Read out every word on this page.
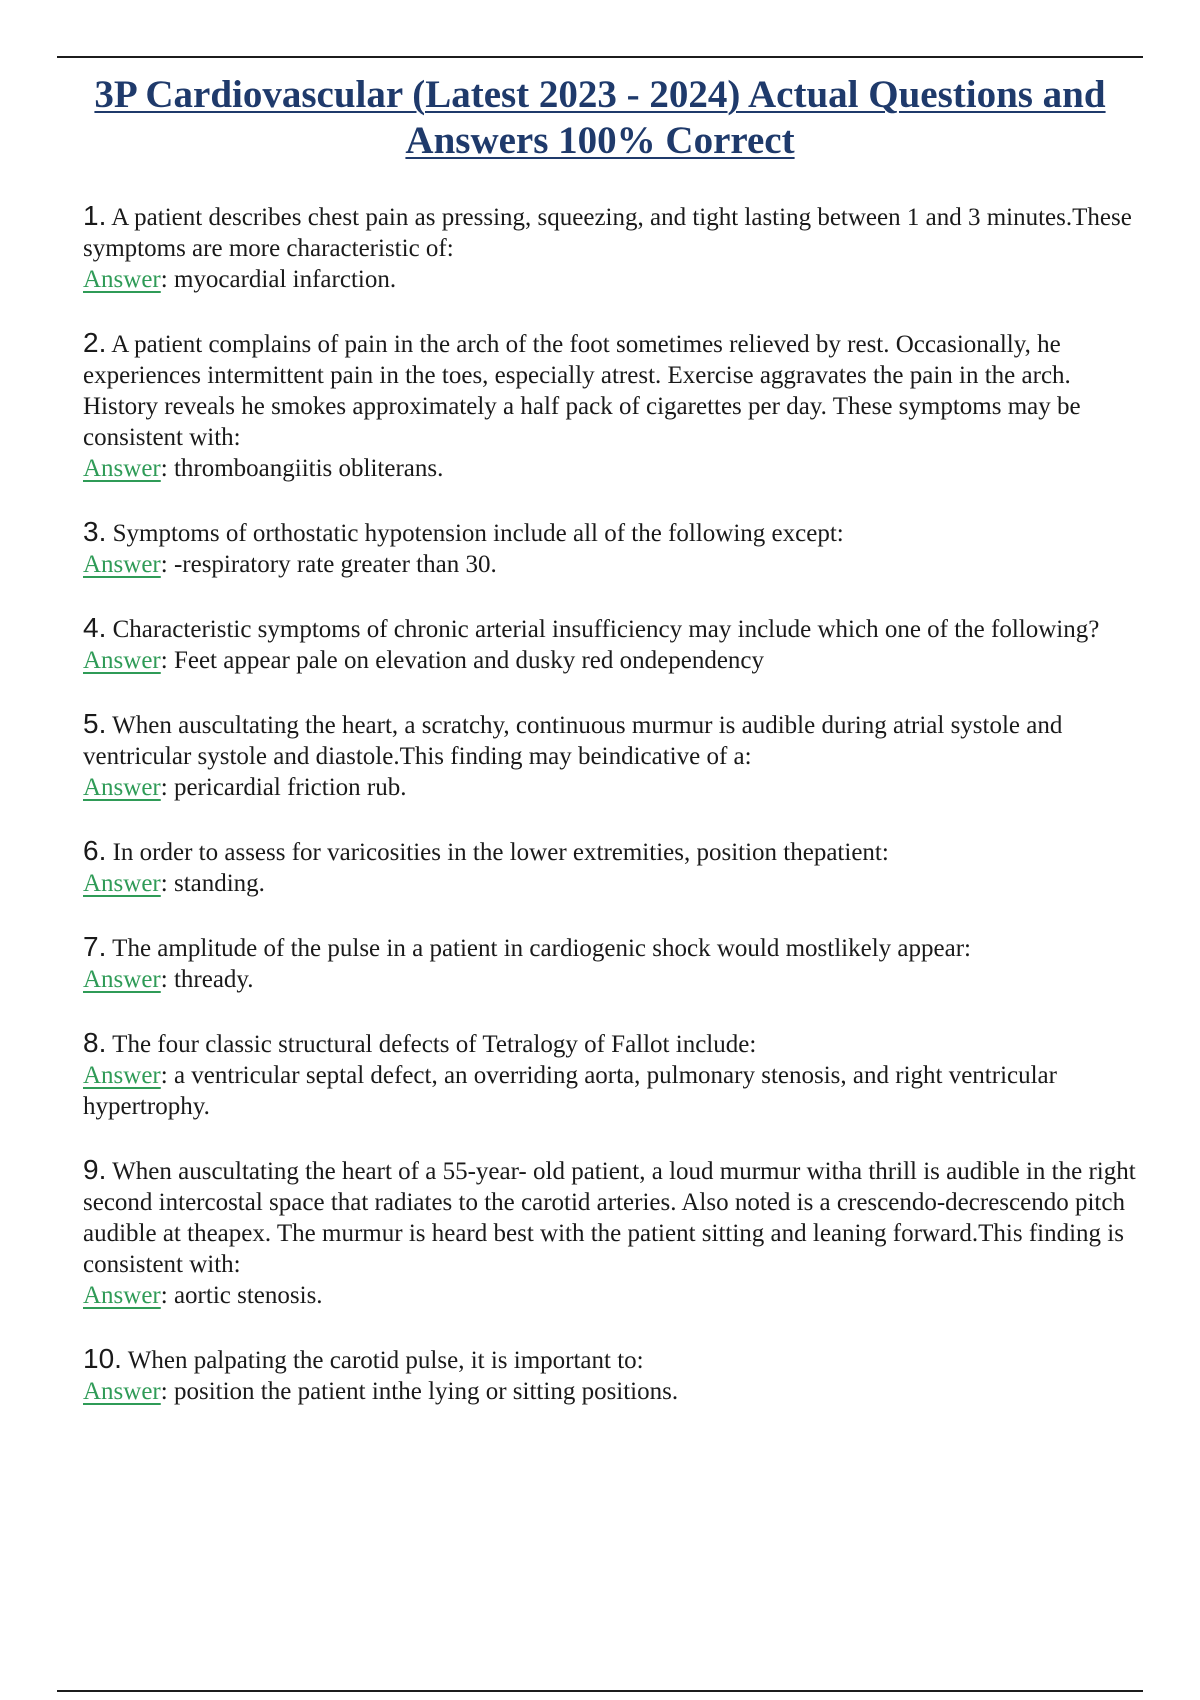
3P Cardiovascular (Latest 2023 - 2024) Actual Questions and
Answers 100% Correct
1. A patient describes chest pain as pressing, squeezing, and tight lasting between 1 and 3 minutes.These symptoms are more characteristic of:
Answer: myocardial infarction.
2. A patient complains of pain in the arch of the foot sometimes relieved by rest. Occasionally, he experiences intermittent pain in the toes, especially atrest. Exercise aggravates the pain in the arch. History reveals he smokes approximately a half pack of cigarettes per day. These symptoms may be consistent with:
Answer: thromboangiitis obliterans.
3. Symptoms of orthostatic hypotension include all of the following except:
Answer: -respiratory rate greater than 30.
4. Characteristic symptoms of chronic arterial insufficiency may include which one of the following?
Answer: Feet appear pale on elevation and dusky red ondependency
5. When auscultating the heart, a scratchy, continuous murmur is audible during atrial systole and ventricular systole and diastole.This finding may beindicative of a:
Answer: pericardial friction rub.
6. In order to assess for varicosities in the lower extremities, position thepatient:
Answer: standing.
7. The amplitude of the pulse in a patient in cardiogenic shock would mostlikely appear:
Answer: thready.
8. The four classic structural defects of Tetralogy of Fallot include:
Answer: a ventricular septal defect, an overriding aorta, pulmonary stenosis, and right ventricular hypertrophy.
9. When auscultating the heart of a 55-year- old patient, a loud murmur witha thrill is audible in the right second intercostal space that radiates to the carotid arteries. Also noted is a crescendo-decrescendo pitch audible at theapex. The murmur is heard best with the patient sitting and leaning forward.This finding is consistent with:
Answer: aortic stenosis.
10. When palpating the carotid pulse, it is important to:
Answer: position the patient inthe lying or sitting positions.
